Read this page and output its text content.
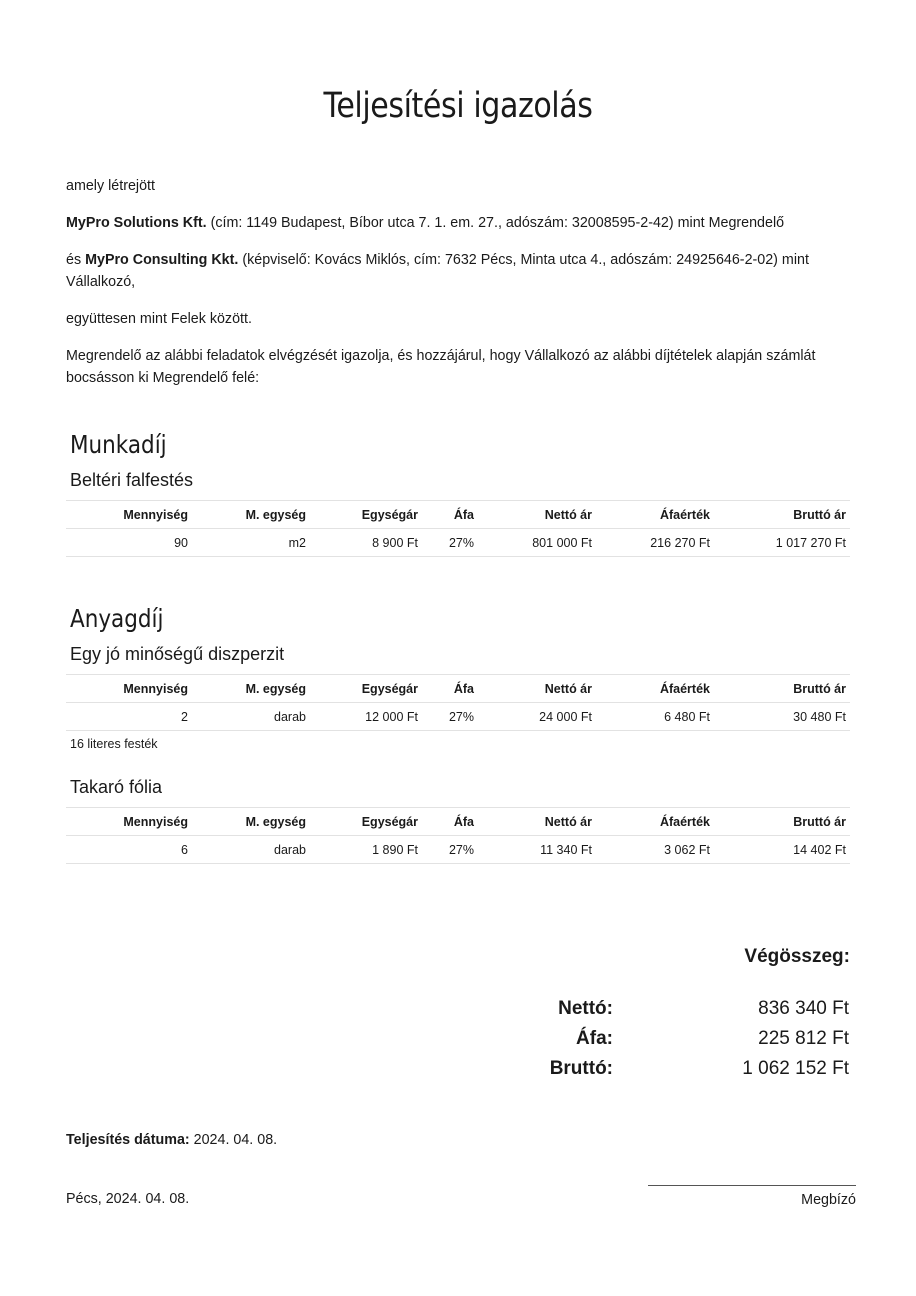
Teljesítési igazolás
amely létrejött
MyPro Solutions Kft. (cím: 1149 Budapest, Bíbor utca 7. 1. em. 27., adószám: 32008595-2-42) mint Megrendelő
és MyPro Consulting Kkt. (képviselő: Kovács Miklós, cím: 7632 Pécs, Minta utca 4., adószám: 24925646-2-02) mint Vállalkozó,
együttesen mint Felek között.
Megrendelő az alábbi feladatok elvégzését igazolja, és hozzájárul, hogy Vállalkozó az alábbi díjtételek alapján számlát bocsásson ki Megrendelő felé:
Munkadíj
Beltéri falfestés
Mennyiség	M. egység	Egységár	Áfa	Nettó ár	Áfaérték	Bruttó ár
90	m2	8 900 Ft	27%	801 000 Ft	216 270 Ft	1 017 270 Ft
Anyagdíj
Egy jó minőségű diszperzit
Mennyiség	M. egység	Egységár	Áfa	Nettó ár	Áfaérték	Bruttó ár
2	darab	12 000 Ft	27%	24 000 Ft	6 480 Ft	30 480 Ft
16 literes festék
Takaró fólia
Mennyiség	M. egység	Egységár	Áfa	Nettó ár	Áfaérték	Bruttó ár
6	darab	1 890 Ft	27%	11 340 Ft	3 062 Ft	14 402 Ft
Végösszeg:
Nettó:	836 340 Ft
Áfa:	225 812 Ft
Bruttó:	1 062 152 Ft
Teljesítés dátuma: 2024. 04. 08.
Pécs, 2024. 04. 08.	Megbízó
